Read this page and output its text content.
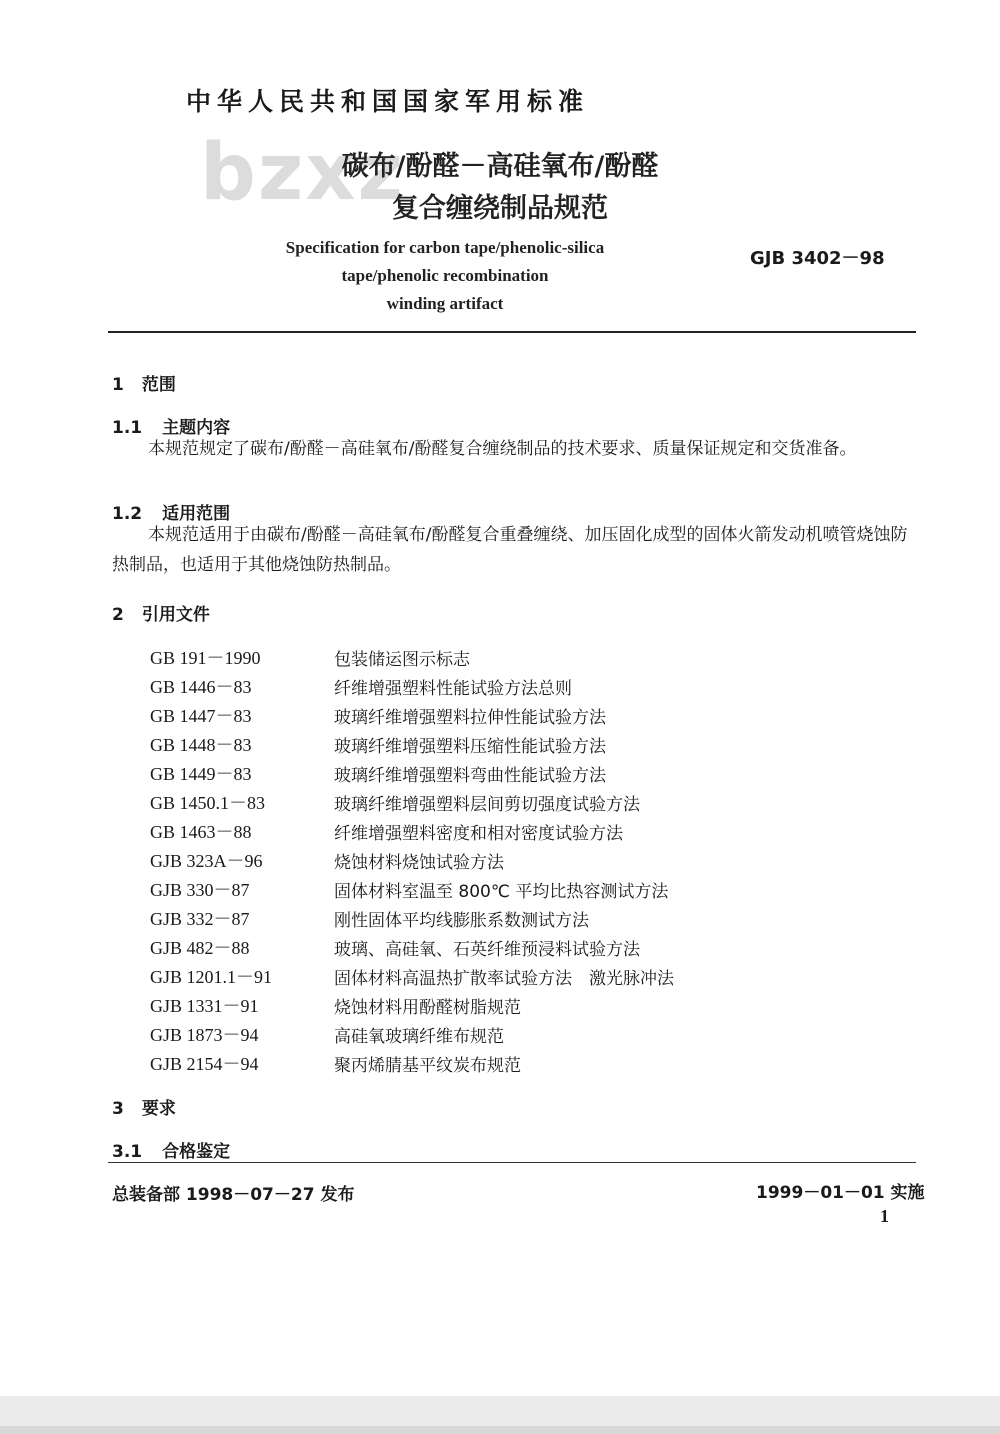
中华人民共和国国家军用标准
bzxz
碳布/酚醛－高硅氧布/酚醛
复合缠绕制品规范
Specification for carbon tape/phenolic-silica
tape/phenolic recombination
winding artifact
GJB 3402－98
1 范围
1.1 主题内容
本规范规定了碳布/酚醛－高硅氧布/酚醛复合缠绕制品的技术要求、质量保证规定和交货准备。
1.2 适用范围
本规范适用于由碳布/酚醛－高硅氧布/酚醛复合重叠缠绕、加压固化成型的固体火箭发动机喷管烧蚀防热制品，也适用于其他烧蚀防热制品。
2 引用文件
GB 191－1990	包装储运图示标志
GB 1446－83	纤维增强塑料性能试验方法总则
GB 1447－83	玻璃纤维增强塑料拉伸性能试验方法
GB 1448－83	玻璃纤维增强塑料压缩性能试验方法
GB 1449－83	玻璃纤维增强塑料弯曲性能试验方法
GB 1450.1－83	玻璃纤维增强塑料层间剪切强度试验方法
GB 1463－88	纤维增强塑料密度和相对密度试验方法
GJB 323A－96	烧蚀材料烧蚀试验方法
GJB 330－87	固体材料室温至 800℃ 平均比热容测试方法
GJB 332－87	刚性固体平均线膨胀系数测试方法
GJB 482－88	玻璃、高硅氧、石英纤维预浸料试验方法
GJB 1201.1－91	固体材料高温热扩散率试验方法　激光脉冲法
GJB 1331－91	烧蚀材料用酚醛树脂规范
GJB 1873－94	高硅氧玻璃纤维布规范
GJB 2154－94	聚丙烯腈基平纹炭布规范
3 要求
3.1 合格鉴定
总装备部 1998－07－27 发布	1999－01－01 实施
1
